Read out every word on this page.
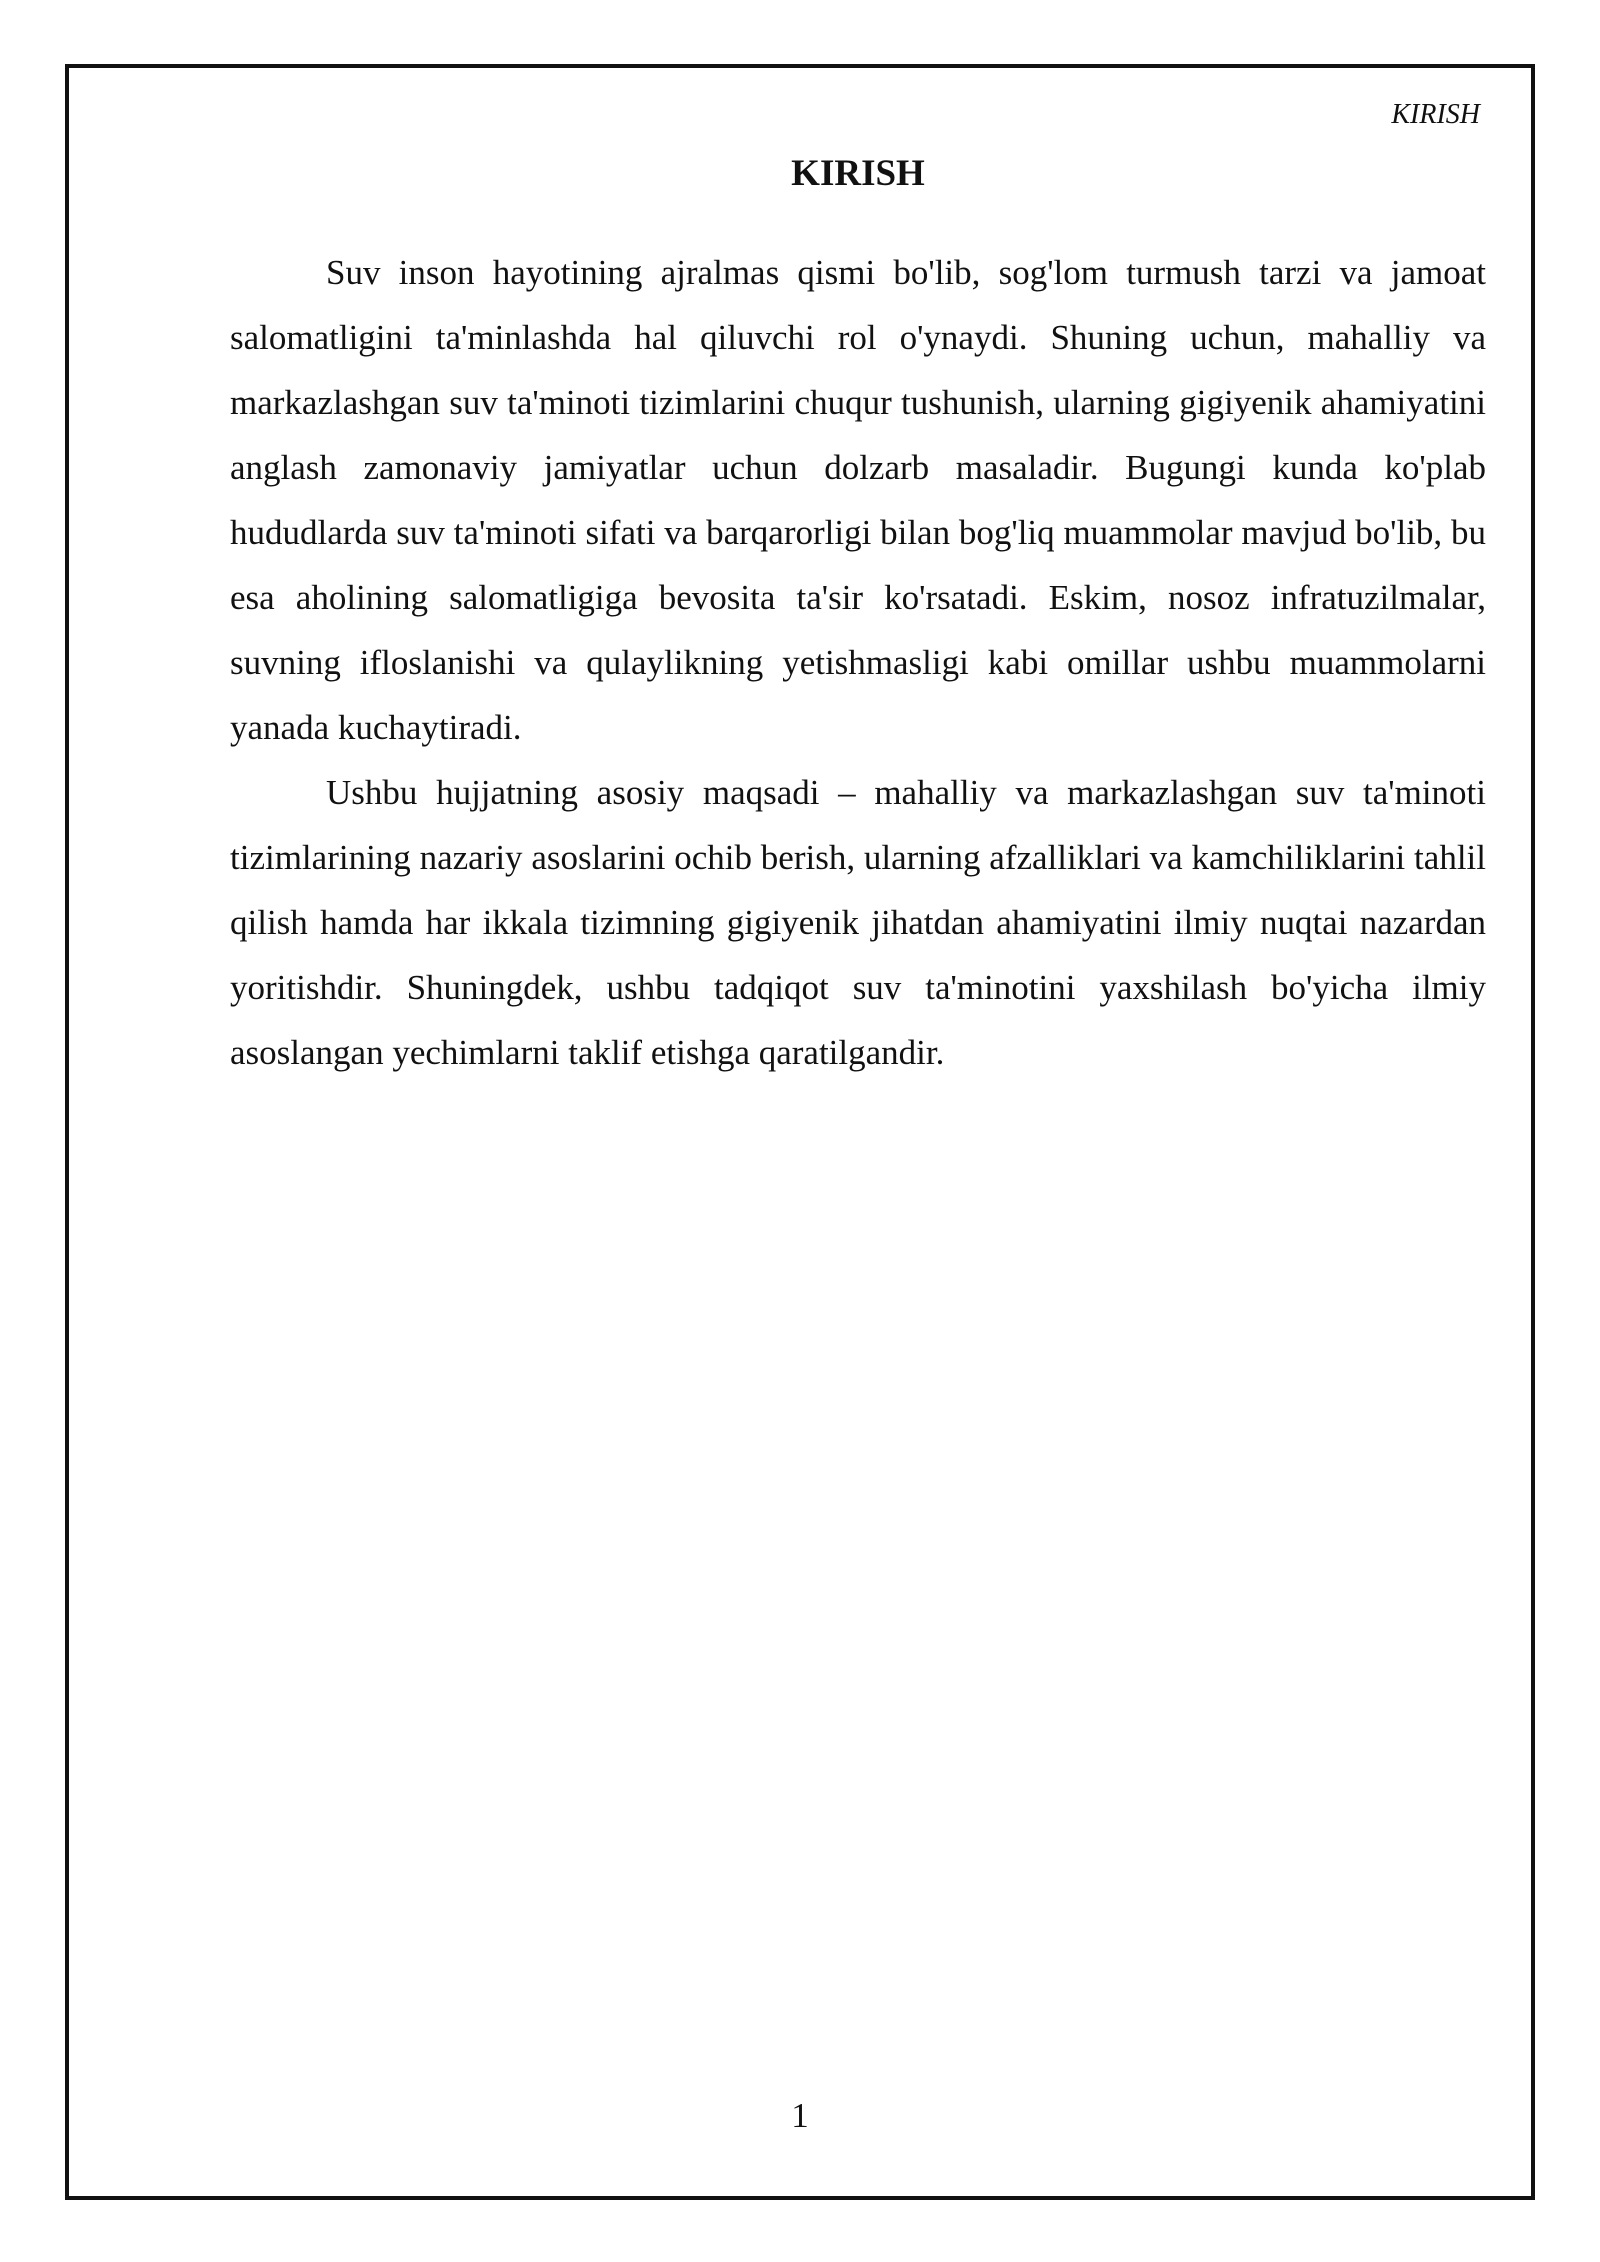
KIRISH

KIRISH

Suv inson hayotining ajralmas qismi bo'lib, sog'lom turmush tarzi va jamoat salomatligini ta'minlashda hal qiluvchi rol o'ynaydi. Shuning uchun, mahalliy va markazlashgan suv ta'minoti tizimlarini chuqur tushunish, ularning gigiyenik ahamiyatini anglash zamonaviy jamiyatlar uchun dolzarb masaladir. Bugungi kunda ko'plab hududlarda suv ta'minoti sifati va barqarorligi bilan bog'liq muammolar mavjud bo'lib, bu esa aholining salomatligiga bevosita ta'sir ko'rsatadi. Eskim, nosoz infratuzilmalar, suvning ifloslanishi va qulaylikning yetishmasligi kabi omillar ushbu muammolarni yanada kuchaytiradi.

Ushbu hujjatning asosiy maqsadi – mahalliy va markazlashgan suv ta'minoti tizimlarining nazariy asoslarini ochib berish, ularning afzalliklari va kamchiliklarini tahlil qilish hamda har ikkala tizimning gigiyenik jihatdan ahamiyatini ilmiy nuqtai nazardan yoritishdir. Shuningdek, ushbu tadqiqot suv ta'minotini yaxshilash bo'yicha ilmiy asoslangan yechimlarni taklif etishga qaratilgandir.

1
